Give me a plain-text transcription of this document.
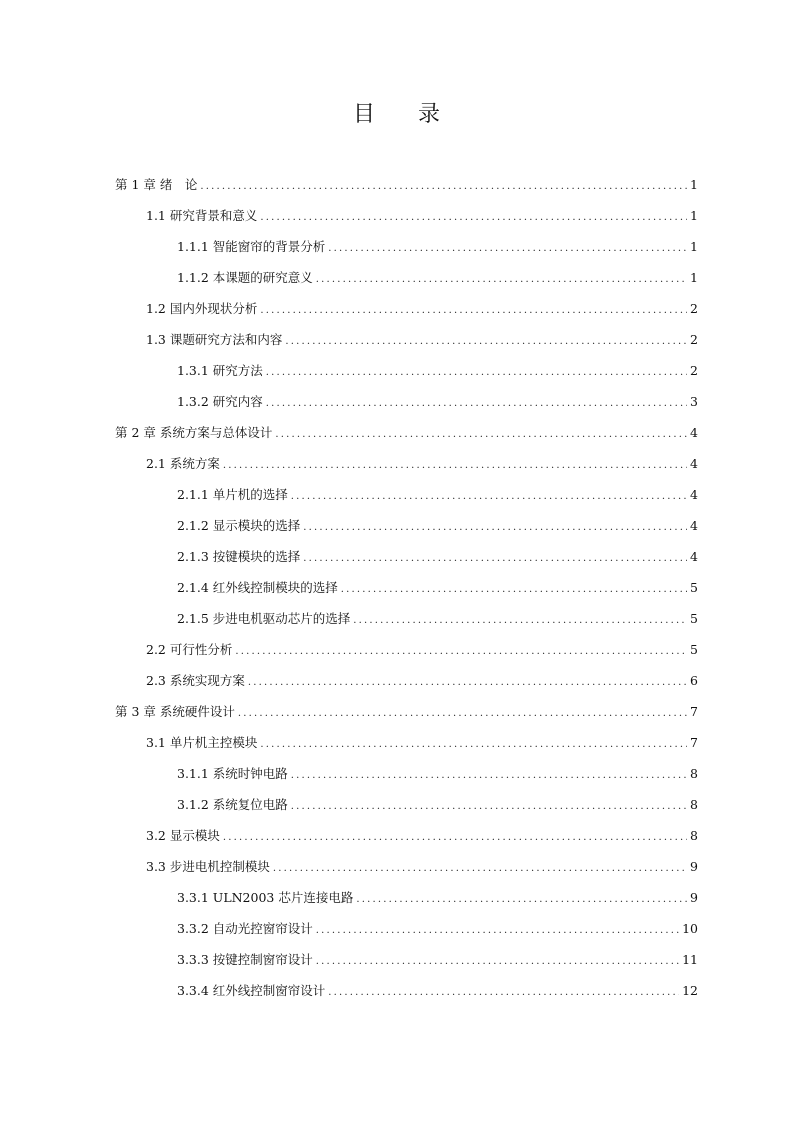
目 录
第 1 章 绪　论 .....	1
1.1 研究背景和意义 .....	1
1.1.1 智能窗帘的背景分析 .....	1
1.1.2 本课题的研究意义 .....	1
1.2 国内外现状分析 .....	2
1.3 课题研究方法和内容 .....	2
1.3.1 研究方法 .....	2
1.3.2 研究内容 .....	3
第 2 章 系统方案与总体设计 .....	4
2.1 系统方案 .....	4
2.1.1 单片机的选择 .....	4
2.1.2 显示模块的选择 .....	4
2.1.3 按键模块的选择 .....	4
2.1.4 红外线控制模块的选择 .....	5
2.1.5 步进电机驱动芯片的选择 .....	5
2.2 可行性分析 .....	5
2.3 系统实现方案 .....	6
第 3 章 系统硬件设计 .....	7
3.1 单片机主控模块 .....	7
3.1.1 系统时钟电路 .....	8
3.1.2 系统复位电路 .....	8
3.2 显示模块 .....	8
3.3 步进电机控制模块 .....	9
3.3.1 ULN2003 芯片连接电路 .....	9
3.3.2 自动光控窗帘设计 .....	10
3.3.3 按键控制窗帘设计 .....	11
3.3.4 红外线控制窗帘设计 .....	12
